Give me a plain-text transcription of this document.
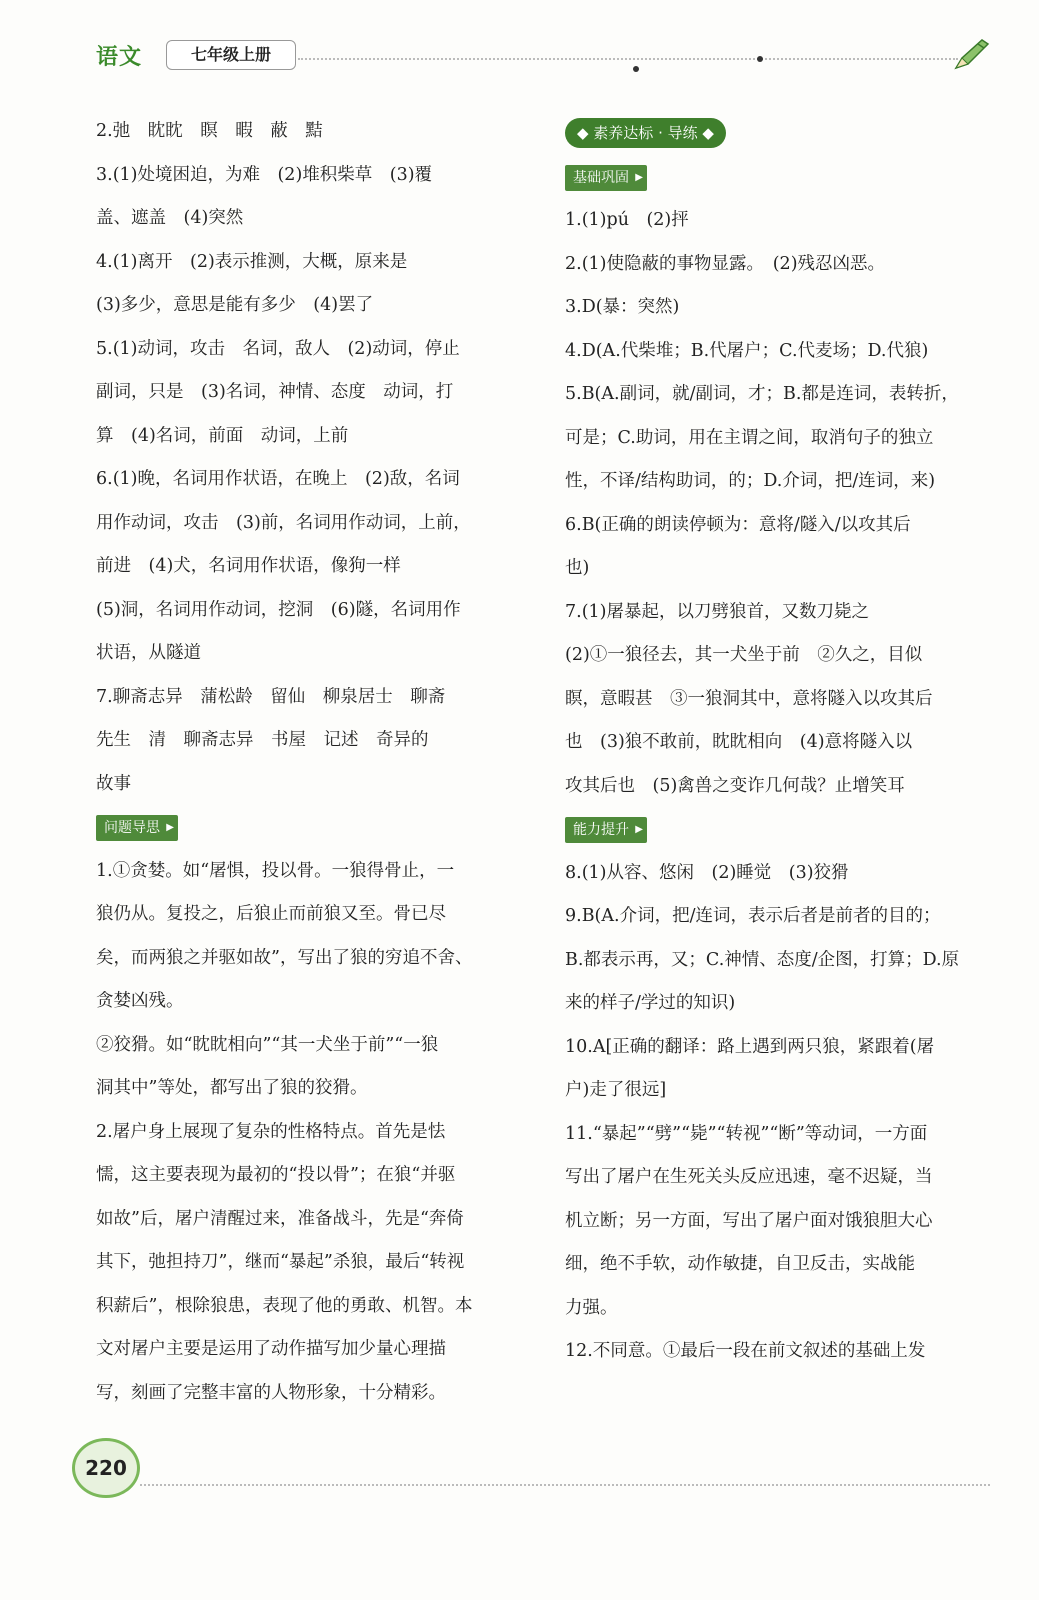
语文	七年级上册

2.弛　眈眈　瞑　暇　蔽　黠

3.(1)处境困迫，为难　(2)堆积柴草　(3)覆

盖、遮盖　(4)突然

4.(1)离开　(2)表示推测，大概，原来是

(3)多少，意思是能有多少　(4)罢了

5.(1)动词，攻击　名词，敌人　(2)动词，停止

副词，只是　(3)名词，神情、态度　动词，打

算　(4)名词，前面　动词，上前

6.(1)晚，名词用作状语，在晚上　(2)敌，名词

用作动词，攻击　(3)前，名词用作动词，上前，

前进　(4)犬，名词用作状语，像狗一样

(5)洞，名词用作动词，挖洞　(6)隧，名词用作

状语，从隧道

7.聊斋志异　蒲松龄　留仙　柳泉居士　聊斋

先生　清　聊斋志异　书屋　记述　奇异的

故事

问题导思 ▶

1.①贪婪。如“屠惧，投以骨。一狼得骨止，一

狼仍从。复投之，后狼止而前狼又至。骨已尽

矣，而两狼之并驱如故”，写出了狼的穷追不舍、

贪婪凶残。

②狡猾。如“眈眈相向”“其一犬坐于前”“一狼

洞其中”等处，都写出了狼的狡猾。

2.屠户身上展现了复杂的性格特点。首先是怯

懦，这主要表现为最初的“投以骨”；在狼“并驱

如故”后，屠户清醒过来，准备战斗，先是“奔倚

其下，弛担持刀”，继而“暴起”杀狼，最后“转视

积薪后”，根除狼患，表现了他的勇敢、机智。本

文对屠户主要是运用了动作描写加少量心理描

写，刻画了完整丰富的人物形象，十分精彩。

◆ 素养达标 · 导练 ◆
基础巩固 ▶

1.(1)pú　(2)抨

2.(1)使隐蔽的事物显露。　(2)残忍凶恶。

3.D(暴：突然)

4.D(A.代柴堆；B.代屠户；C.代麦场；D.代狼)

5.B(A.副词，就/副词，才；B.都是连词，表转折，

可是；C.助词，用在主谓之间，取消句子的独立

性，不译/结构助词，的；D.介词，把/连词，来)

6.B(正确的朗读停顿为：意将/隧入/以攻其后

也)

7.(1)屠暴起，以刀劈狼首，又数刀毙之

(2)①一狼径去，其一犬坐于前　②久之，目似

瞑，意暇甚　③一狼洞其中，意将隧入以攻其后

也　(3)狼不敢前，眈眈相向　(4)意将隧入以

攻其后也　(5)禽兽之变诈几何哉？止增笑耳

能力提升 ▶

8.(1)从容、悠闲　(2)睡觉　(3)狡猾

9.B(A.介词，把/连词，表示后者是前者的目的；

B.都表示再，又；C.神情、态度/企图，打算；D.原

来的样子/学过的知识)

10.A[正确的翻译：路上遇到两只狼，紧跟着(屠

户)走了很远]

11.“暴起”“劈”“毙”“转视”“断”等动词，一方面

写出了屠户在生死关头反应迅速，毫不迟疑，当

机立断；另一方面，写出了屠户面对饿狼胆大心

细，绝不手软，动作敏捷，自卫反击，实战能

力强。

12.不同意。①最后一段在前文叙述的基础上发

220
